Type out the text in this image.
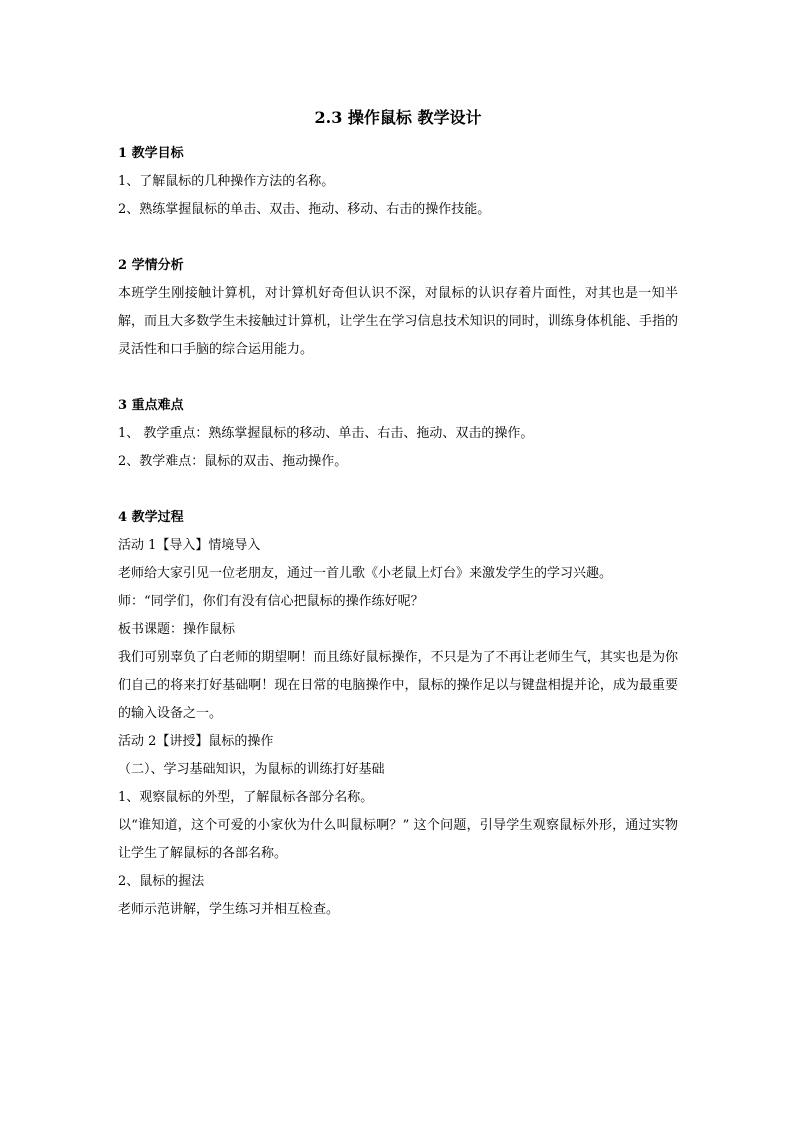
2.3 操作鼠标 教学设计

1 教学目标

1、了解鼠标的几种操作方法的名称。

2、熟练掌握鼠标的单击、双击、拖动、移动、右击的操作技能。

2 学情分析

本班学生刚接触计算机，对计算机好奇但认识不深，对鼠标的认识存着片面性，对其也是一知半解，而且大多数学生未接触过计算机，让学生在学习信息技术知识的同时，训练身体机能、手指的灵活性和口手脑的综合运用能力。

3 重点难点

1、 教学重点：熟练掌握鼠标的移动、单击、右击、拖动、双击的操作。

2、教学难点：鼠标的双击、拖动操作。

4 教学过程

活动 1【导入】情境导入

老师给大家引见一位老朋友，通过一首儿歌《小老鼠上灯台》来激发学生的学习兴趣。

师：“同学们，你们有没有信心把鼠标的操作练好呢？

板书课题：操作鼠标

我们可别辜负了白老师的期望啊！而且练好鼠标操作，不只是为了不再让老师生气，其实也是为你们自己的将来打好基础啊！现在日常的电脑操作中，鼠标的操作足以与键盘相提并论，成为最重要的输入设备之一。

活动 2【讲授】鼠标的操作

（二）、学习基础知识，为鼠标的训练打好基础

1、观察鼠标的外型，了解鼠标各部分名称。

以“谁知道，这个可爱的小家伙为什么叫鼠标啊？” 这个问题，引导学生观察鼠标外形，通过实物让学生了解鼠标的各部名称。

2、鼠标的握法

老师示范讲解，学生练习并相互检查。
